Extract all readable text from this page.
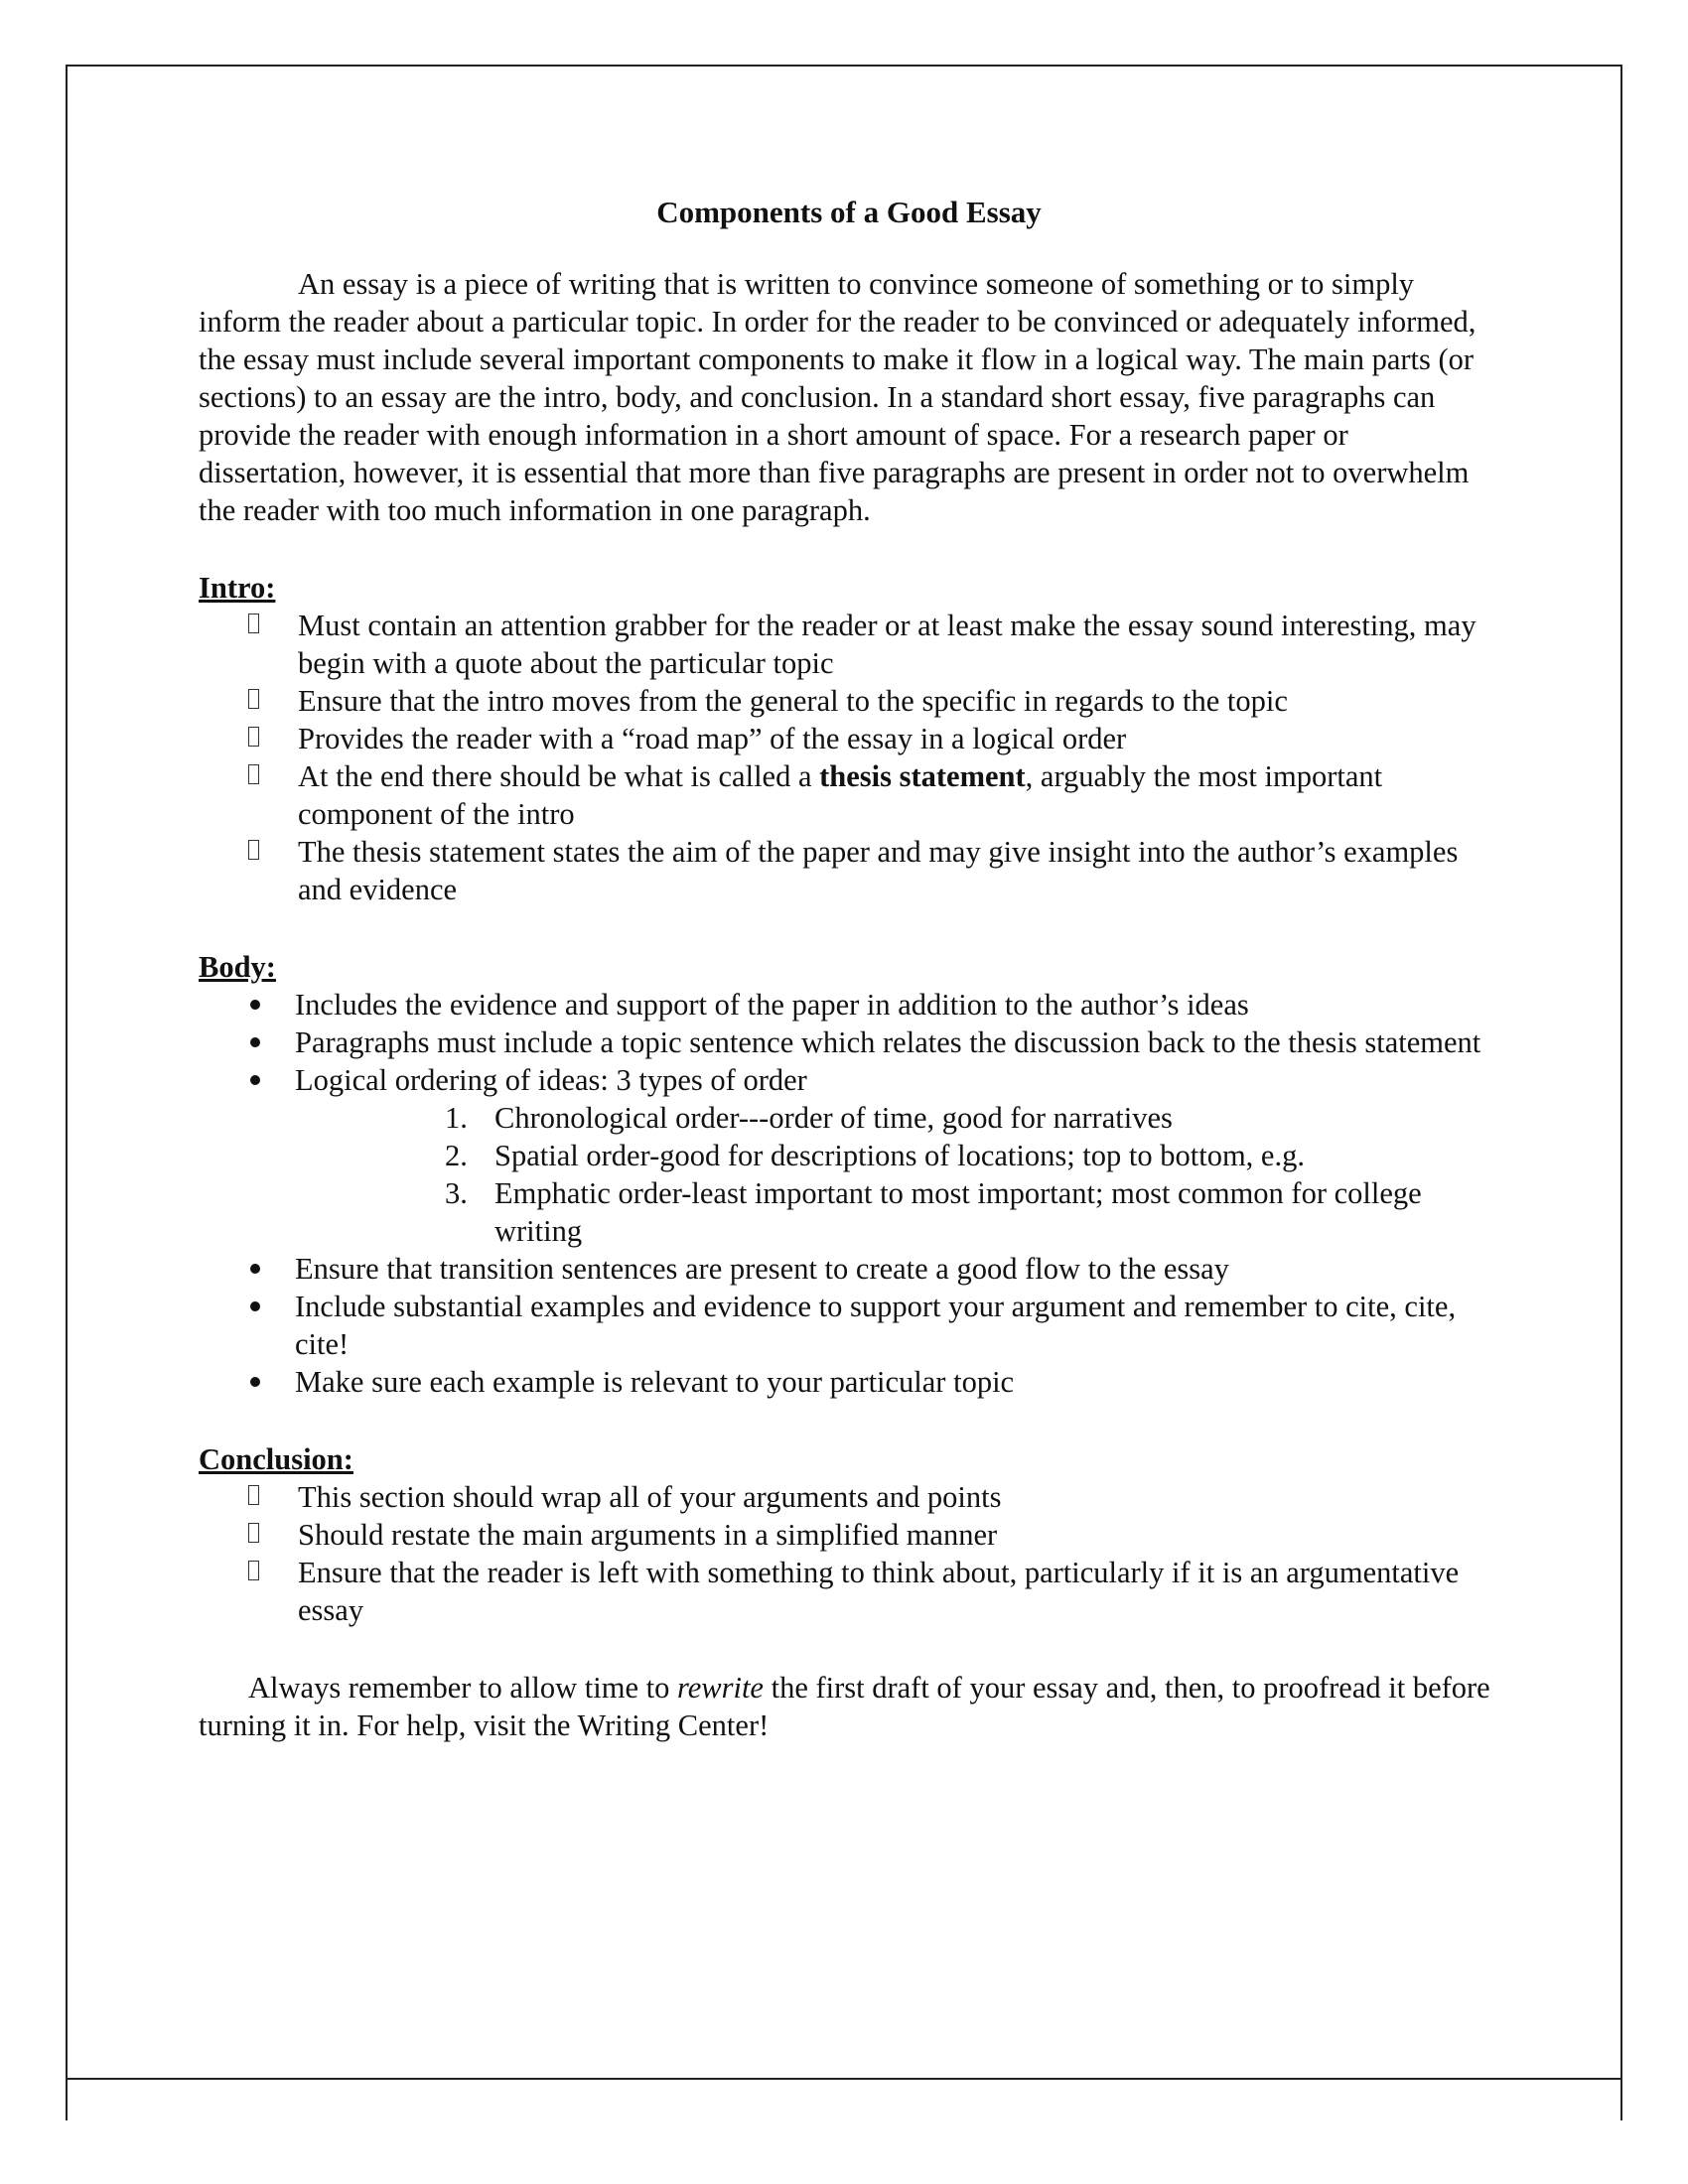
Components of a Good Essay

An essay is a piece of writing that is written to convince someone of something or to simply inform the reader about a particular topic. In order for the reader to be convinced or adequately informed, the essay must include several important components to make it flow in a logical way. The main parts (or sections) to an essay are the intro, body, and conclusion. In a standard short essay, five paragraphs can provide the reader with enough information in a short amount of space. For a research paper or dissertation, however, it is essential that more than five paragraphs are present in order not to overwhelm the reader with too much information in one paragraph.

Intro:
Must contain an attention grabber for the reader or at least make the essay sound interesting, may begin with a quote about the particular topic
Ensure that the intro moves from the general to the specific in regards to the topic
Provides the reader with a “road map” of the essay in a logical order
At the end there should be what is called a thesis statement, arguably the most important component of the intro
The thesis statement states the aim of the paper and may give insight into the author’s examples and evidence
Body:
Includes the evidence and support of the paper in addition to the author’s ideas
Paragraphs must include a topic sentence which relates the discussion back to the thesis statement
Logical ordering of ideas: 3 types of order
1. Chronological order---order of time, good for narratives
2. Spatial order-good for descriptions of locations; top to bottom, e.g.
3. Emphatic order-least important to most important; most common for college writing
Ensure that transition sentences are present to create a good flow to the essay
Include substantial examples and evidence to support your argument and remember to cite, cite, cite!
Make sure each example is relevant to your particular topic
Conclusion:
This section should wrap all of your arguments and points
Should restate the main arguments in a simplified manner
Ensure that the reader is left with something to think about, particularly if it is an argumentative essay

Always remember to allow time to rewrite the first draft of your essay and, then, to proofread it before turning it in. For help, visit the Writing Center!
